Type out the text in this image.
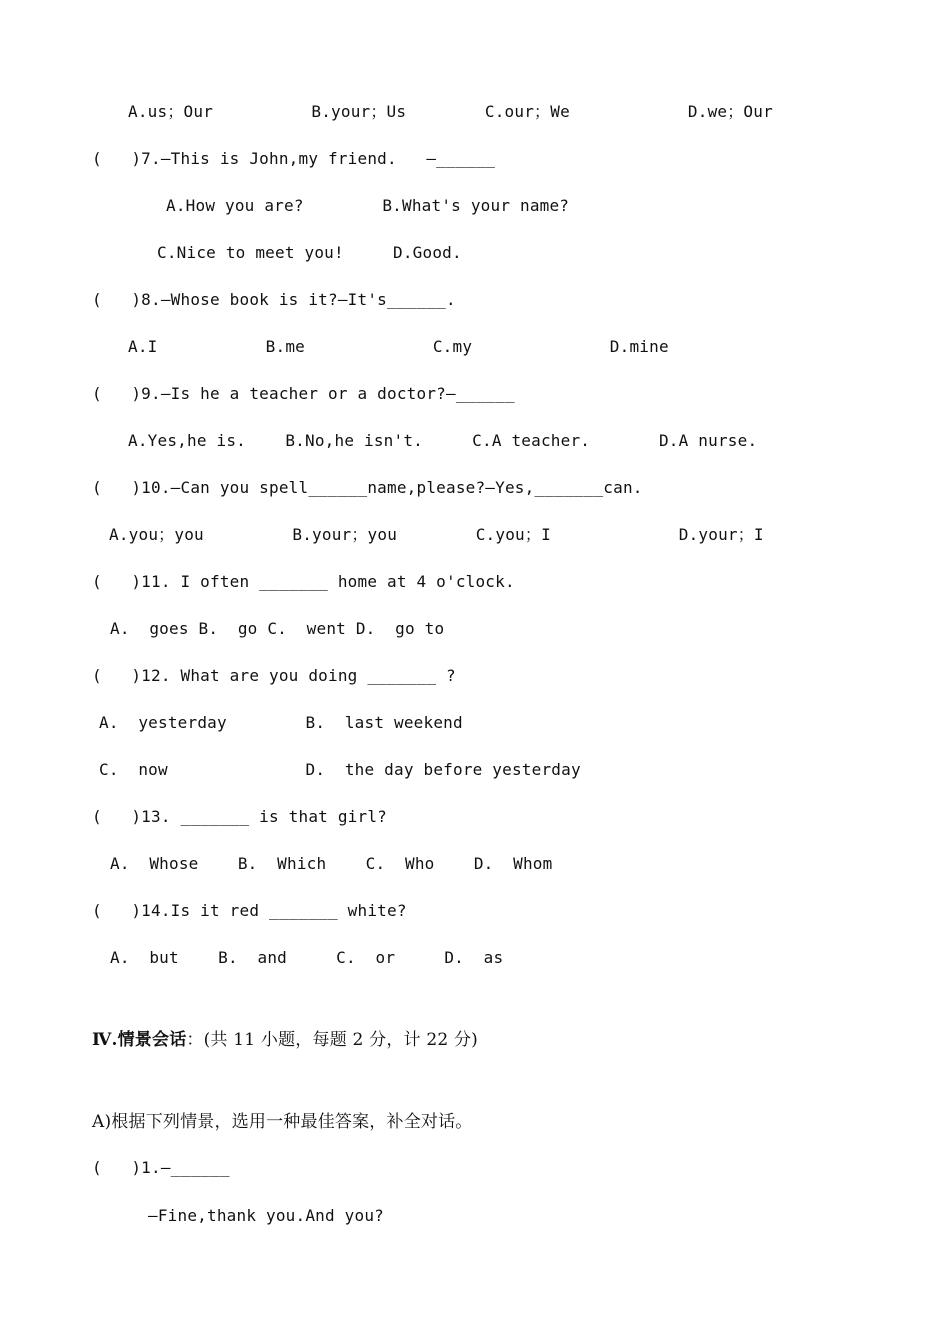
A.us；Our          B.your；Us        C.our；We            D.we；Our
(   )7.—This is John,my friend.   —______
A.How you are?        B.What's your name?
C.Nice to meet you!     D.Good.
(   )8.—Whose book is it?—It's______.
A.I           B.me             C.my              D.mine
(   )9.—Is he a teacher or a doctor?—______
A.Yes,he is.    B.No,he isn't.     C.A teacher.       D.A nurse.
(   )10.—Can you spell______name,please?—Yes,_______can.
A.you；you         B.your；you        C.you；I             D.your；I
(   )11. I often _______ home at 4 o'clock.
A.  goes B.  go C.  went D.  go to
(   )12. What are you doing _______ ?
A.  yesterday        B.  last weekend
C.  now              D.  the day before yesterday
(   )13. _______ is that girl?
A.  Whose    B.  Which    C.  Who    D.  Whom
(   )14.Is it red _______ white?
A.  but    B.  and     C.  or     D.  as
Ⅳ.情景会话：(共 11 小题，每题 2 分，计 22 分)
A)根据下列情景，选用一种最佳答案，补全对话。
(   )1.—______
—Fine,thank you.And you?
